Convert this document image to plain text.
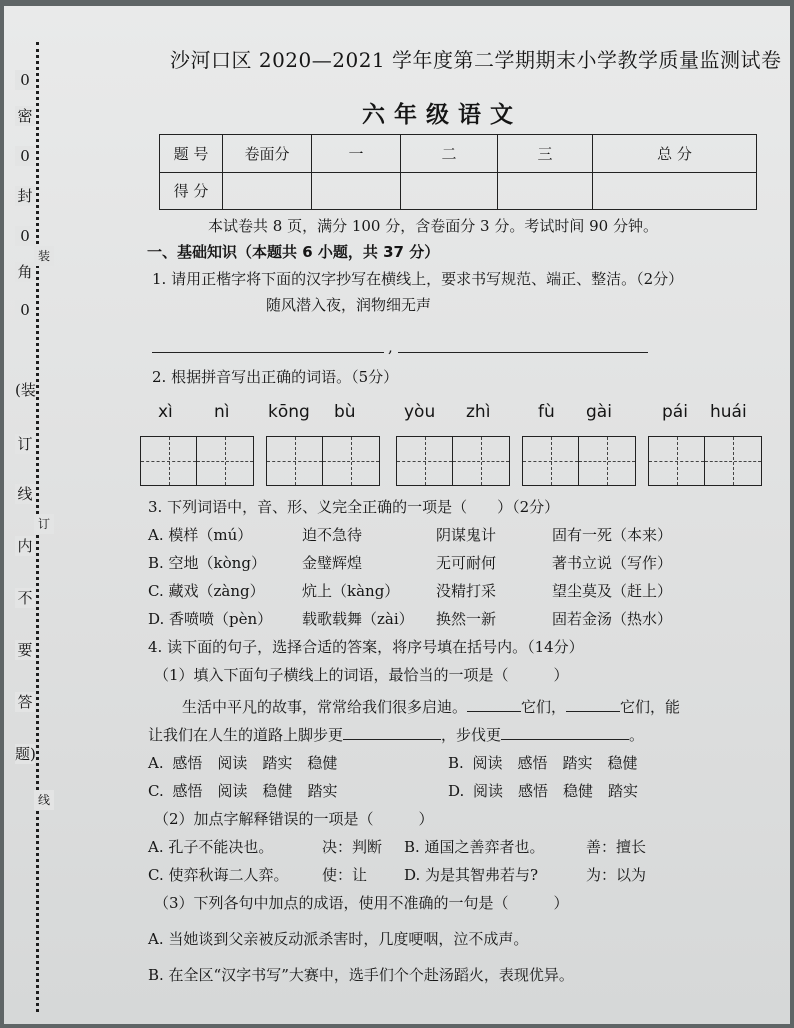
0
密
0
封
0
装
角
0
(装
订
线
订
内
不
要
答
题)
线
沙河口区 2020—2021 学年度第二学期期末小学教学质量监测试卷
六年级语文
题 号	卷面分	一	二	三	总 分
得 分					
本试卷共 8 页，满分 100 分，含卷面分 3 分。考试时间 90 分钟。
一、基础知识（本题共 6 小题，共 37 分）
1. 请用正楷字将下面的汉字抄写在横线上，要求书写规范、端正、整洁。（2分）
随风潜入夜，润物细无声
,
2. 根据拼音写出正确的词语。（5分）
xì nì kōng bù	yòu zhì	fù gài	pái huái
3. 下列词语中，音、形、义完全正确的一项是（　　）（2分）
A. 模样（mú）	迫不急待	阴谋鬼计	固有一死（本来）
B. 空地（kòng） 金璧辉煌	无可耐何	著书立说（写作）
C. 藏戏（zàng） 炕上（kàng） 没精打采	望尘莫及（赶上）
D. 香喷喷（pèn） 载歌载舞（zài） 换然一新	固若金汤（热水）
4. 读下面的句子，选择合适的答案，将序号填在括号内。（14分）
（1）填入下面句子横线上的词语，最恰当的一项是（　　　）
生活中平凡的故事，常常给我们很多启迪。	它们，	它们，能
让我们在人生的道路上脚步更	，步伐更	。
A. 感悟　阅读　踏实　稳健	B. 阅读　感悟　踏实　稳健
C. 感悟　阅读　稳健　踏实	D. 阅读　感悟　稳健　踏实
（2）加点字解释错误的一项是（　　　）
A. 孔子不能决也。	决：判断 B. 通国之善弈者也。	善：擅长
C. 使弈秋诲二人弈。 使：让 D. 为是其智弗若与?	为：以为
（3）下列各句中加点的成语，使用不准确的一句是（　　　）
A. 当她谈到父亲被反动派杀害时，几度哽咽，泣不成声。
B. 在全区“汉字书写”大赛中，选手们个个赴汤蹈火，表现优异。
